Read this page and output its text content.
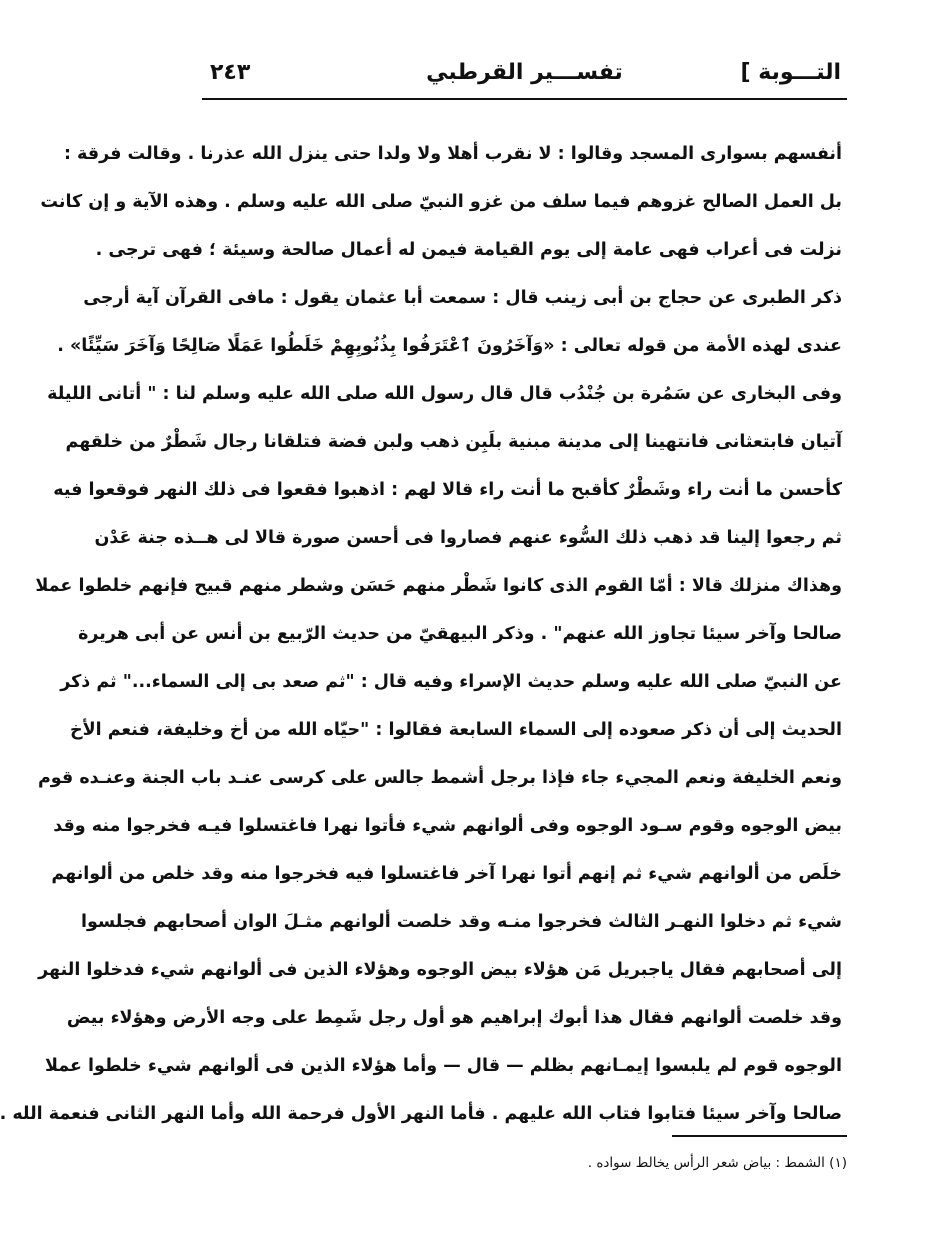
التـــوبة ]
تفســـير القرطبي
٢٤٣
أنفسهم بسوارى المسجد وقالوا : لا نقرب أهلا ولا ولدا حتى ينزل الله عذرنا . وقالت فرقة :
بل العمل الصالح غزوهم فيما سلف من غزو النبيّ صلى الله عليه وسلم . وهذه الآية و إن كانت
نزلت فى أعراب فهى عامة إلى يوم القيامة فيمن له أعمال صالحة وسيئة ؛ فهى ترجى .
ذكر الطبرى عن حجاج بن أبى زينب قال : سمعت أبا عثمان يقول : مافى القرآن آية أرجى
عندى لهذه الأمة من قوله تعالى : «وَآخَرُونَ ٱعْتَرَفُوا بِذُنُوبِهِمْ خَلَطُوا عَمَلًا صَالِحًا وَآخَرَ سَيِّئًا» .
وفى البخارى عن سَمُرة بن جُنْدُب قال قال رسول الله صلى الله عليه وسلم لنا : " أتانى الليلة
آتيان فابتعثانى فانتهينا إلى مدينة مبنية بلَبِن ذهب ولبن فضة فتلقانا رجال شَطْرٌ من خلقهم
كأحسن ما أنت راء وشَطْرٌ كأقبح ما أنت راء قالا لهم : اذهبوا فقعوا فى ذلك النهر فوقعوا فيه
ثم رجعوا إلينا قد ذهب ذلك السُّوء عنهم فصاروا فى أحسن صورة قالا لى هــذه جنة عَدْن
وهذاك منزلك قالا : أمّا القوم الذى كانوا شَطْر منهم حَسَن وشطر منهم قبيح فإنهم خلطوا عملا
صالحا وآخر سيئا تجاوز الله عنهم" . وذكر البيهقيّ من حديث الرّبيع بن أنس عن أبى هريرة
عن النبيّ صلى الله عليه وسلم حديث الإسراء وفيه قال : "ثم صعد بى إلى السماء..." ثم ذكر
الحديث إلى أن ذكر صعوده إلى السماء السابعة فقالوا : "حيّاه الله من أخ وخليفة، فنعم الأخ
ونعم الخليفة ونعم المجيء جاء فإذا برجل أشمط جالس على كرسى عنـد باب الجنة وعنـده قوم
بيض الوجوه وقوم سـود الوجوه وفى ألوانهم شيء فأتوا نهرا فاغتسلوا فيـه فخرجوا منه وقد
خلَص من ألوانهم شيء ثم إنهم أتوا نهرا آخر فاغتسلوا فيه فخرجوا منه وقد خلص من ألوانهم
شيء ثم دخلوا النهـر الثالث فخرجوا منـه وقد خلصت ألوانهم مثـلَ الوان أصحابهم فجلسوا
إلى أصحابهم فقال ياجبريل مَن هؤلاء بيض الوجوه وهؤلاء الذين فى ألوانهم شيء فدخلوا النهر
وقد خلصت ألوانهم فقال هذا أبوك إبراهيم هو أول رجل شَمِط على وجه الأرض وهؤلاء بيض
الوجوه قوم لم يلبسوا إيمـانهم بظلم — قال — وأما هؤلاء الذين فى ألوانهم شيء خلطوا عملا
صالحا وآخر سيئا فتابوا فتاب الله عليهم . فأما النهر الأول فرحمة الله وأما النهر الثانى فنعمة الله .
(١) الشمط : بياض شعر الرأس يخالط سواده .
